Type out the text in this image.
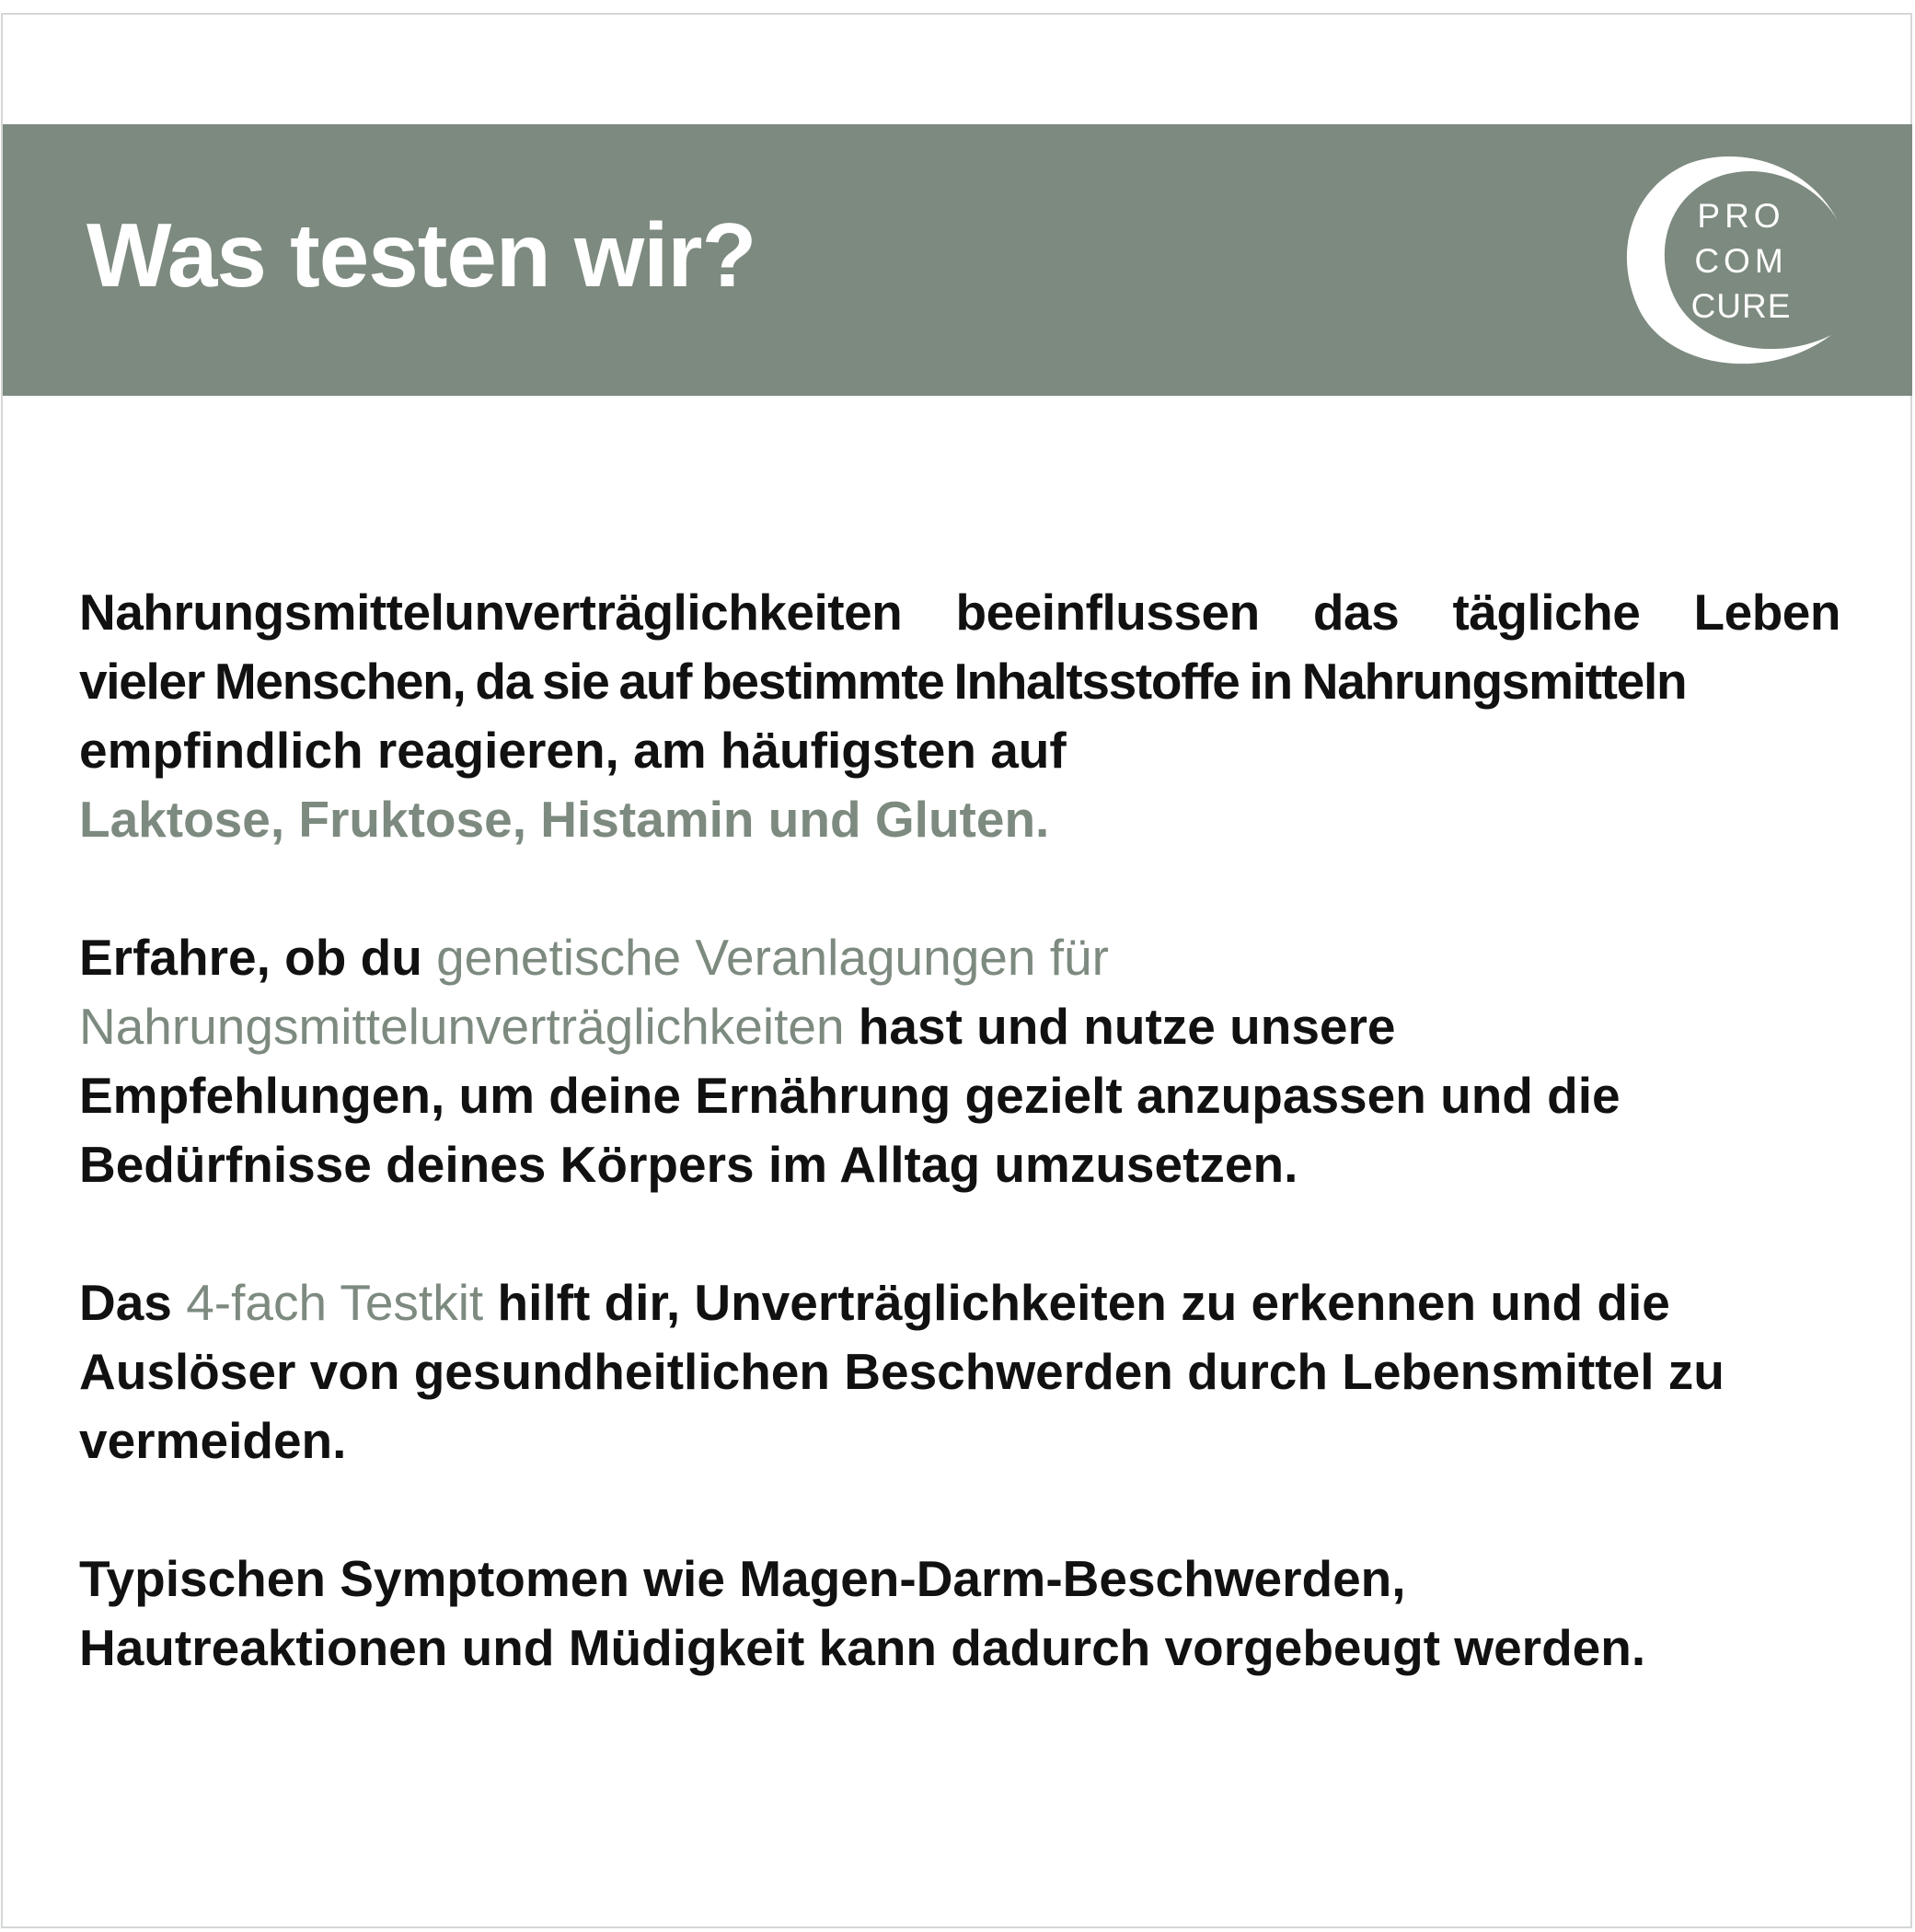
Was testen wir?	PRO
COM
CURE

Nahrungsmittelunverträglichkeiten beeinflussen das tägliche Leben
vieler Menschen, da sie auf bestimmte Inhaltsstoffe in Nahrungsmitteln
empfindlich reagieren, am häufigsten auf
Laktose, Fruktose, Histamin und Gluten.

Erfahre, ob du genetische Veranlagungen für
Nahrungsmittelunverträglichkeiten hast und nutze unsere
Empfehlungen, um deine Ernährung gezielt anzupassen und die
Bedürfnisse deines Körpers im Alltag umzusetzen.

Das 4-fach Testkit hilft dir, Unverträglichkeiten zu erkennen und die
Auslöser von gesundheitlichen Beschwerden durch Lebensmittel zu
vermeiden.

Typischen Symptomen wie Magen-Darm-Beschwerden,
Hautreaktionen und Müdigkeit kann dadurch vorgebeugt werden.
